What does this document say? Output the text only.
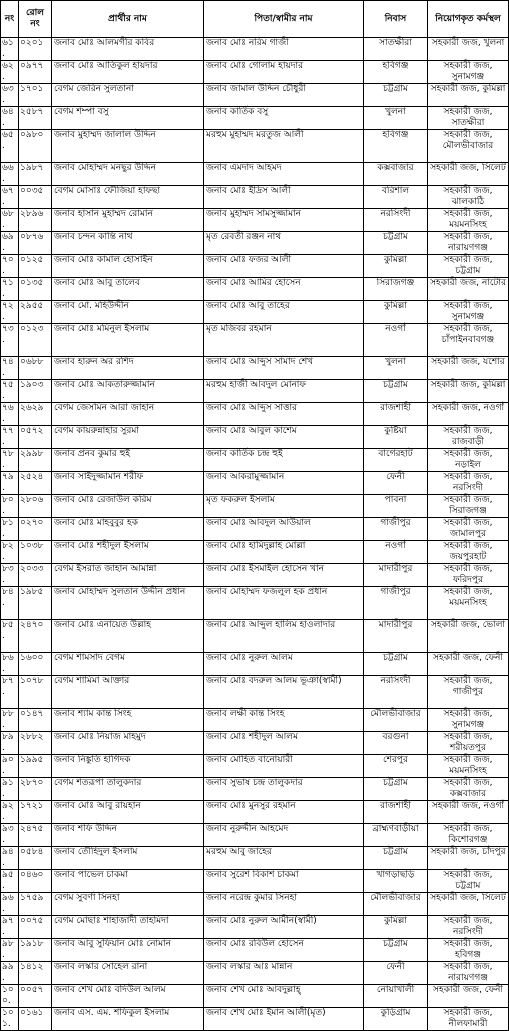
নং	রোল নং	প্রার্থীর নাম	পিতা/স্বামীর নাম	নিবাস	নিয়োগকৃত কর্মস্থল
৬১.	০২০১	জনাব মোঃ আলমগীর কবির	জনাব মোঃ নরিম গাজী	সাতক্ষীরা	সহকারী জজ, খুলনা
৬২.	০৯৭৭	জনাব মোঃ আতিকুল হায়দার	জনাব মোঃ গোলাম হায়দার	হবিগঞ্জ	সহকারী জজ, সুনামগঞ্জ
৬৩.	১৭০১	বেগম জেরিন সুলতানা	জনাব জামাল উদ্দিন চৌধুরী	চট্টগ্রাম	সহকারী জজ, কুমিল্লা
৬৪.	২৫৮৭	বেগম শম্পা বসু	জনাব কার্তিক বসু	খুলনা	সহকারী জজ, সাতক্ষীরা
৬৫.	০৯৮০	জনাব মুহাম্মদ জালাল উদ্দিন	মরহুম মুহাম্মদ মরতুজ আলী	হবিগঞ্জ	সহকারী জজ, মৌলভীবাজার
৬৬.	১৯৮৭	জনাব মোহাম্মদ মনছুর উদ্দিন	জনাব এমদাদ আহমদ	কক্সবাজার	সহকারী জজ, সিলেট
৬৭.	০০৩৫	বেগম মোসাঃ ফৌজিয়া হাফছা	জনাব মোঃ ইদ্রিস আলী	বরিশাল	সহকারী জজ, ঝালকাঠি
৬৮.	২৮৯৬	জনাব হাসান মুহাম্মদ রোমান	জনাব মুহাম্মদ সামসুজ্জামান	নরসিংদী	সহকারী জজ, ময়মনসিংহ
৬৯.	০৮৭৬	জনাব চন্দন কান্তি নাথ	মৃত রেবতী রঞ্জন নাথ	চট্টগ্রাম	সহকারী জজ, নারায়ণগঞ্জ
৭০.	০১২৫	জনাব মোঃ কামাল হোসাইন	জনাব মোঃ ফজর আলী	কুমিল্লা	সহকারী জজ, চট্টগ্রাম
৭১.	০১৩৫	জনাব মোঃ আবু তালেব	জনাব মোঃ আমির হোসেন	সিরাজগঞ্জ	সহকারী জজ, নাটোর
৭২.	২৯৫৫	জনাব মো. মহিউদ্দীন	জনাব মোঃ আবু তাহের	কুমিল্লা	সহকারী জজ, সুনামগঞ্জ
৭৩.	০১২৩	জনাব মোঃ মমিনুল ইসলাম	মৃত মজিবর রহমান	নওগাঁ	সহকারী জজ, চাঁপাইনবাবগঞ্জ
৭৪.	০৬৮৮	জনাব হারুন অর রশিদ	জনাব মোঃ আব্দুস সামাদ শেখ	খুলনা	সহকারী জজ, যশোর
৭৫.	১৯০৩	জনাব মোঃ আকতারুজ্জামান	মরহুম হাজী আবদুল মোনাফ	চট্টগ্রাম	সহকারী জজ, কুমিল্লা
৭৬.	২৬২৯	বেগম জেসমিন আরা জাহান	জনাব মোঃ আব্দুস সাত্তার	রাজশাহী	সহকারী জজ, নওগাঁ
৭৭.	০৫৭২	বেগম কায়রুন্নাহার সুরমা	জনাব মোঃ আবুল কাশেম	কুষ্টিয়া	সহকারী জজ, রাজবাড়ী
৭৮.	২৯৯৮	জনাব প্রনব কুমার হুই	জনাব কার্তিক চন্দ্র হুই	বাগেরহাট	সহকারী জজ, নড়াইল
৭৯.	২৫২৪	জনাব সাইদুজ্জামান শরীফ	জনাব আকরামুজ্জামান	ফেনী	সহকারী জজ, নরসিংদী
৮০.	২৮০৬	জনাব মোঃ রেজাউল করিম	মৃত ফকরুল ইসলাম	পাবনা	সহকারী জজ, সিরাজগঞ্জ
৮১.	০২৭০	জনাব মোঃ মাহবুবুর হক	জনাব মোঃ আবদুল আউয়াল	গাজীপুর	সহকারী জজ, জামালপুর
৮২.	১০৩৮	জনাব মোঃ শহীদুল ইসলাম	জনাব মোঃ হামিদুল্লাহ মোল্লা	নওগাঁ	সহকারী জজ, জয়পুরহাট
৮৩.	২০৩৩	বেগম ইসরাত জাহান আমান্না	জনাব মোঃ ইসমাইল হোসেন খান	মাদারীপুর	সহকারী জজ, ফরিদপুর
৮৪.	১৯৮৫	জনাব মোহাম্মদ সুলতান উদ্দীন প্রধান	জনাব মোহাম্মদ ফজলুল হক প্রধান	গাজীপুর	সহকারী জজ, ময়মনসিংহ
৮৫.	২৪৭০	জনাব মোঃ এনায়েত উল্লাহ	জনাব মোঃ আব্দুল হালিম হাওলাদার	মাদারীপুর	সহকারী জজ, ভোলা
৮৬.	১৬০০	বেগম শামসাদ বেগম	জনাব মোঃ নুরুল আলম	চট্টগ্রাম	সহকারী জজ, ফেনী
৮৭.	১০৭৮	বেগম শামিমা আক্তার	জনাব মোঃ বদরুল আলম ভূঞা(স্বামী)	নরসিংদী	সহকারী জজ, গাজীপুর
৮৮.	০১৪৭	জনাব শ্যাম কান্ত সিংহ	জনাব লক্ষী কান্ত সিংহ	মৌলভীবাজার	সহকারী জজ, সুনামগঞ্জ
৮৯.	২৮৮২	জনাব মোঃ নিয়াজ মাহমুদ	জনাব মোঃ শহীদুল আলম	বরগুনা	সহকারী জজ, শরীয়তপুর
৯০.	১৯৯৫	জনাব নিঙ্কুতি হাগিদক	জনাব মোহিত বানোয়ারী	শেরপুর	সহকারী জজ, ময়মনসিংহ
৯১.	২৮৭০	বেগম শতরূপা তালুকদার	জনাব সুভাষ চন্দ্র তালুকদার	চট্টগ্রাম	সহকারী জজ, কক্সবাজার
৯২.	১৭২১	জনাব মোঃ আবু রায়হান	জনাব মোঃ মুনসুর রহমান	রাজশাহী	সহকারী জজ, নওগাঁ
৯৩.	২৪৭৫	জনাব শফি উদ্দিন	জনাব নুরুদ্দীন আহমেদ	ব্রাহ্মণবাড়ীয়া	সহকারী জজ, কিশোরগঞ্জ
৯৪.	০৫৮৪	জনাব তৌহিদুল ইসলাম	মরহুম আবু জাহের	চট্টগ্রাম	সহকারী জজ, চাঁদপুর
৯৫.	০৪৬০	জনাব পাভেল চাকমা	জনাব সুরেশ বিকাশ চাকমা	খাগড়াছড়ি	সহকারী জজ, চট্টগ্রাম
৯৬.	১৭৫৯	বেগম সুবর্ণা সিনহা	জনাব নরেন্দ্র কুমার সিনহা	মৌলভীবাজার	সহকারী জজ, সিলেট
৯৭.	০০৭৫	বেগম মোছাঃ শাহাজাদী তাহমিদা	জনাব মোঃ নুরুল আমীন(স্বামী)	কুমিল্লা	সহকারী জজ, নরসিংদী
৯৮.	১৯১৮	জনাব আবু সুফিয়ান মোঃ নোমান	জনাব মোঃ রবিউল হোসেন	চট্টগ্রাম	সহকারী জজ, হবিগঞ্জ
৯৯.	১৪১২	জনাব লস্কার সোহেল রানা	জনাব লস্কার আঃ মান্নান	ফেনী	সহকারী জজ, নারায়ণগঞ্জ
১০০.	০০৫৭	জনাব শেখ মোঃ বদিউল আলম	জনাব শেখ মোঃ আবদুল্লাহ্	নোয়াখালী	সহকারী জজ, ফেনী
১০১.	০১৬১	জনাব এস. এম. শফিকুল ইসলাম	জনাব শেখ মোঃ ইমান আলী(মৃত)	কুড়িগ্রাম	সহকারী জজ, নীলফামারী
